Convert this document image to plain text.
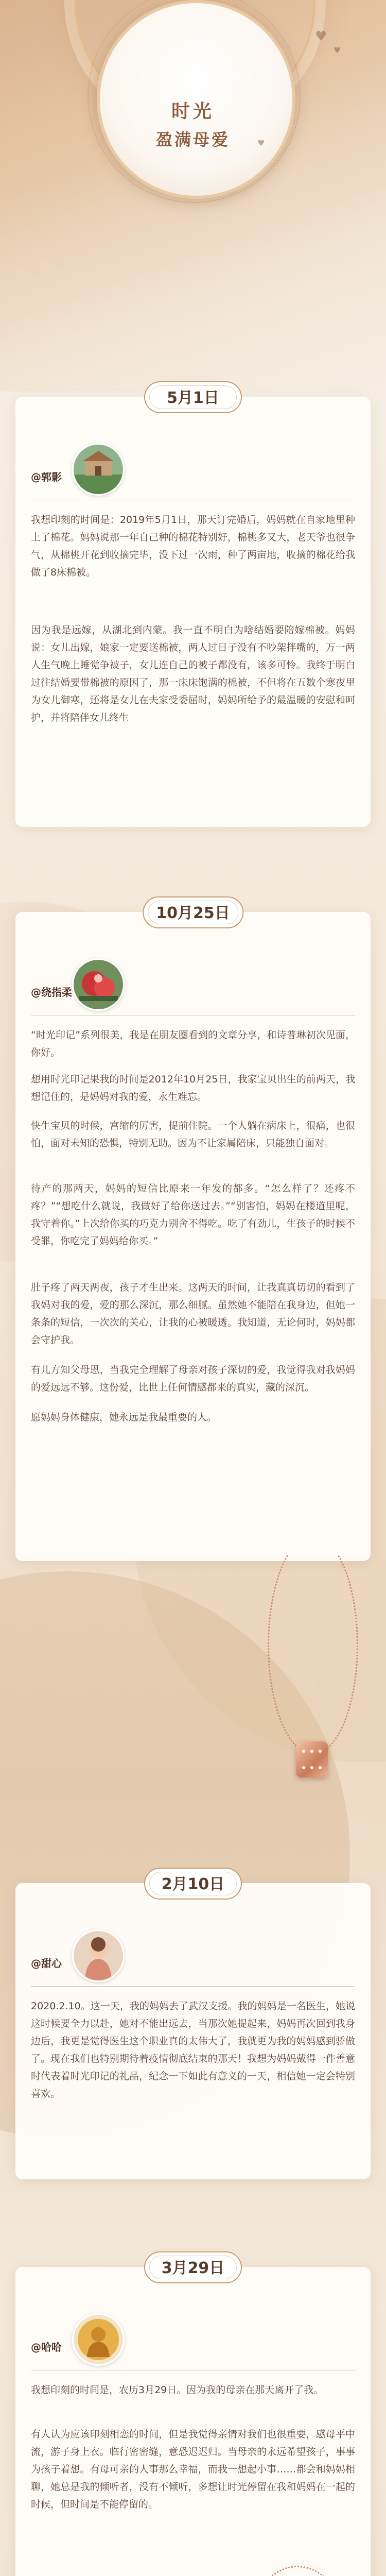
时光
盈满母爱
♥
♥
♥
5月1日
@郭影

我想印刻的时间是：2019年5月1日，那天订完婚后，妈妈就在自家地里种上了棉花。妈妈说那一年自己种的棉花特别好，棉桃多又大，老天爷也很争气，从棉桃开花到收摘完毕，没下过一次雨，种了两亩地，收摘的棉花给我做了8床棉被。

因为我是远嫁，从湖北到内蒙。我一直不明白为啥结婚要陪嫁棉被。妈妈说：女儿出嫁，娘家一定要送棉被，两人过日子没有不吵架拌嘴的，万一两人生气晚上睡觉争被子，女儿连自己的被子都没有，该多可怜。我终于明白过往结婚要带棉被的原因了，那一床床饱满的棉被，不但将在五数个寒夜里为女儿御寒，还将是女儿在夫家受委屈时，妈妈所给予的最温暖的安慰和呵护，并将陪伴女儿终生

10月25日
@绕指柔

“时光印记”系列很美，我是在朋友圈看到的文章分享，和诗普琳初次见面，你好。

想用时光印记果我的时间是2012年10月25日，我家宝贝出生的前两天，我想记住的，是妈妈对我的爱，永生难忘。

快生宝贝的时候，宫缩的厉害，提前住院。一个人躺在病床上，很痛，也很怕，面对未知的恐惧，特别无助。因为不让家属陪床，只能独自面对。

待产的那两天，妈妈的短信比原来一年发的都多。“怎么样了？还疼不疼？”“想吃什么就说，我做好了给你送过去。”“别害怕，妈妈在楼道里呢，我守着你。”上次给你买的巧克力别舍不得吃。吃了有劲儿，生孩子的时候不受罪，你吃完了妈妈给你买。”

肚子疼了两天两夜，孩子才生出来。这两天的时间，让我真真切切的看到了我妈对我的爱，爱的那么深沉，那么细腻。虽然她不能陪在我身边，但她一条条的短信，一次次的关心，让我的心被暖透。我知道，无论何时，妈妈都会守护我。

有儿方知父母恩，当我完全理解了母亲对孩子深切的爱，我觉得我对我妈妈的爱远远不够。这份爱，比世上任何情感都来的真实，藏的深沉。

愿妈妈身体健康，她永远是我最重要的人。

2月10日
@甜心

2020.2.10。这一天，我的妈妈去了武汉支援。我的妈妈是一名医生，她说这时候要全力以赴，她对不能出远去，当那次她提起来，妈妈再次回到我身边后，我更是觉得医生这个职业真的太伟大了，我就更为我的妈妈感到骄傲了。现在我们也特别期待着疫情彻底结束的那天！我想为妈妈戴得一件善意时代表着时光印记的礼品，纪念一下如此有意义的一天，相信她一定会特别喜欢。

3月29日
@哈哈

我想印刻的时间是，农历3月29日。因为我的母亲在那天离开了我。

有人认为应该印刻相恋的时间，但是我觉得亲情对我们也很重要，感母平中流，游子身上衣。临行密密缝，意恐迟迟归。当母亲的永远希望孩子，事事为孩子着想。有母可亲的人事那么幸福，而我一想起小事……都会和妈妈相聊，她总是我的倾听者，没有不倾听，多想让时光停留在我和妈妈在一起的时候，但时间是不能停留的。
